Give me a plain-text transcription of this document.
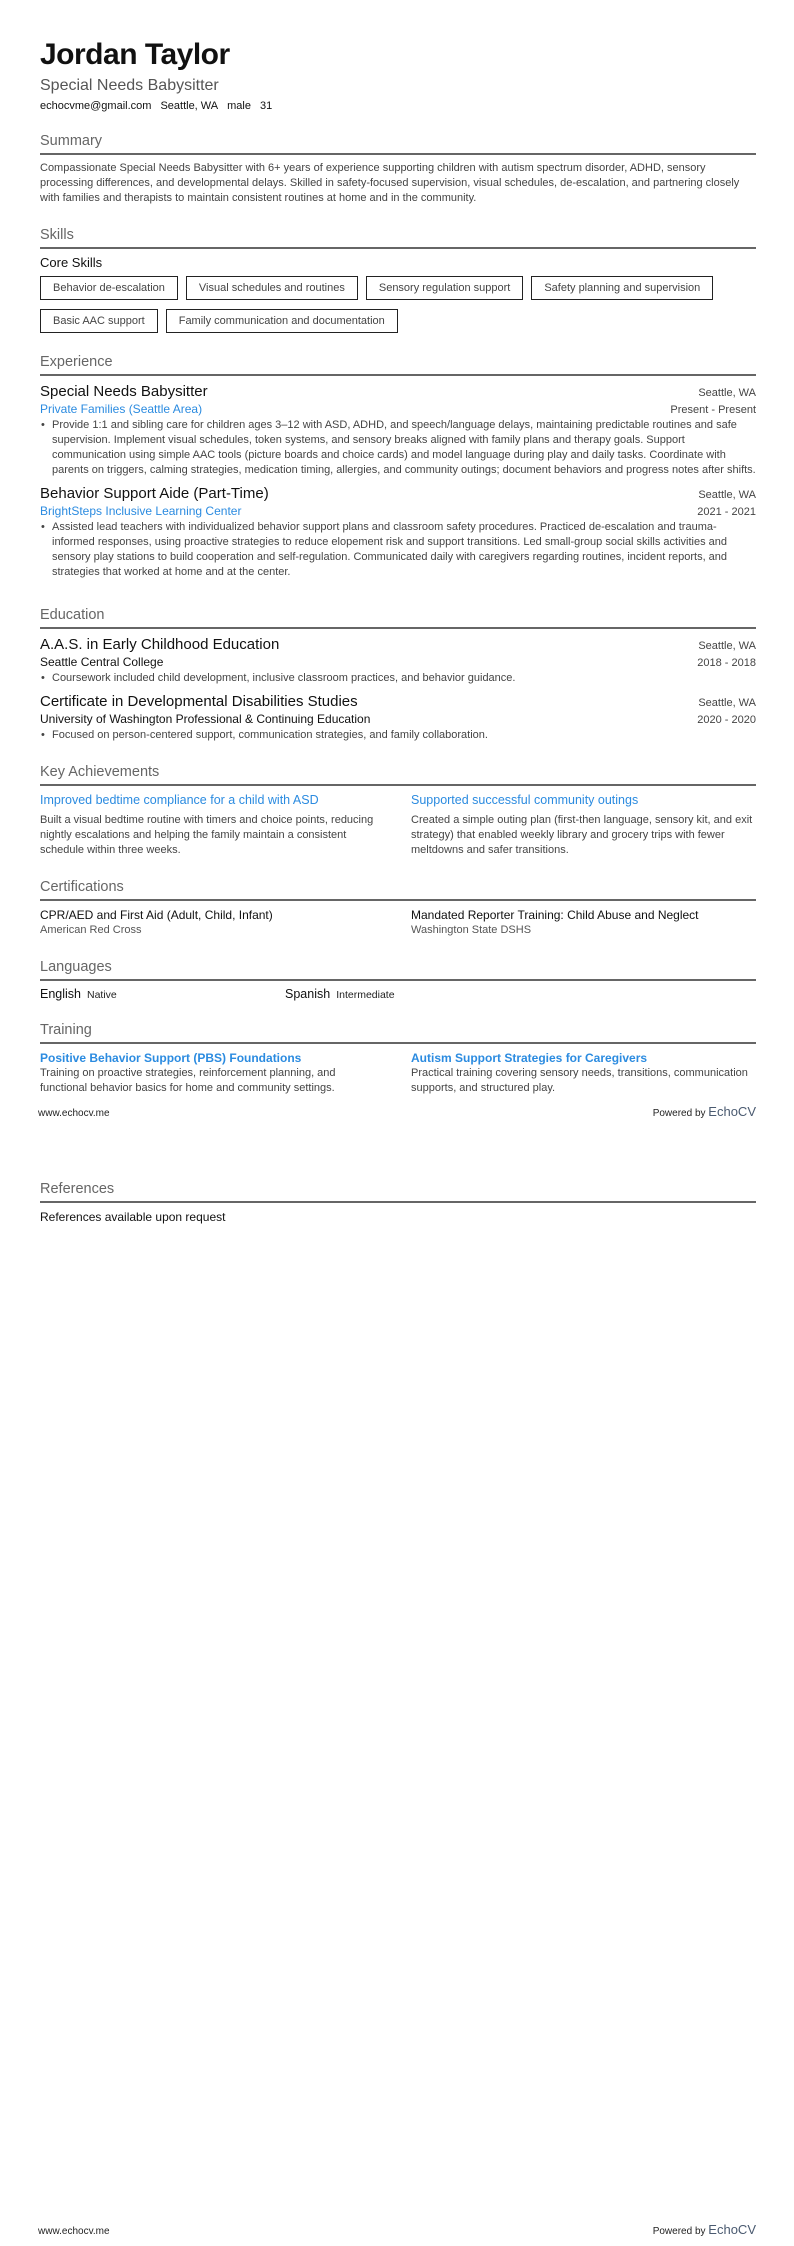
Jordan Taylor
Special Needs Babysitter
echocvme@gmail.com Seattle, WA male 31
Summary
Compassionate Special Needs Babysitter with 6+ years of experience supporting children with autism spectrum disorder, ADHD, sensory processing differences, and developmental delays. Skilled in safety-focused supervision, visual schedules, de-escalation, and partnering closely with families and therapists to maintain consistent routines at home and in the community.
Skills
Core Skills
Behavior de-escalation	Visual schedules and routines	Sensory regulation support	Safety planning and supervision
Basic AAC support	Family communication and documentation
Experience
Special Needs Babysitter	Seattle, WA
Private Families (Seattle Area)	Present - Present
• Provide 1:1 and sibling care for children ages 3–12 with ASD, ADHD, and speech/language delays, maintaining predictable routines and safe supervision. Implement visual schedules, token systems, and sensory breaks aligned with family plans and therapy goals. Support communication using simple AAC tools (picture boards and choice cards) and model language during play and daily tasks. Coordinate with parents on triggers, calming strategies, medication timing, allergies, and community outings; document behaviors and progress notes after shifts.
Behavior Support Aide (Part-Time)	Seattle, WA
BrightSteps Inclusive Learning Center	2021 - 2021
• Assisted lead teachers with individualized behavior support plans and classroom safety procedures. Practiced de-escalation and trauma-informed responses, using proactive strategies to reduce elopement risk and support transitions. Led small-group social skills activities and sensory play stations to build cooperation and self-regulation. Communicated daily with caregivers regarding routines, incident reports, and strategies that worked at home and at the center.
Education
A.A.S. in Early Childhood Education	Seattle, WA
Seattle Central College	2018 - 2018
• Coursework included child development, inclusive classroom practices, and behavior guidance.
Certificate in Developmental Disabilities Studies	Seattle, WA
University of Washington Professional & Continuing Education	2020 - 2020
• Focused on person-centered support, communication strategies, and family collaboration.
Key Achievements
Improved bedtime compliance for a child with ASD
Built a visual bedtime routine with timers and choice points, reducing nightly escalations and helping the family maintain a consistent schedule within three weeks.
Supported successful community outings
Created a simple outing plan (first-then language, sensory kit, and exit strategy) that enabled weekly library and grocery trips with fewer meltdowns and safer transitions.
Certifications
CPR/AED and First Aid (Adult, Child, Infant)
American Red Cross
Mandated Reporter Training: Child Abuse and Neglect
Washington State DSHS
Languages
English Native	Spanish Intermediate
Training
Positive Behavior Support (PBS) Foundations
Training on proactive strategies, reinforcement planning, and functional behavior basics for home and community settings.
Autism Support Strategies for Caregivers
Practical training covering sensory needs, transitions, communication supports, and structured play.
www.echocv.me	Powered by EchoCV
References
References available upon request
www.echocv.me	Powered by EchoCV
